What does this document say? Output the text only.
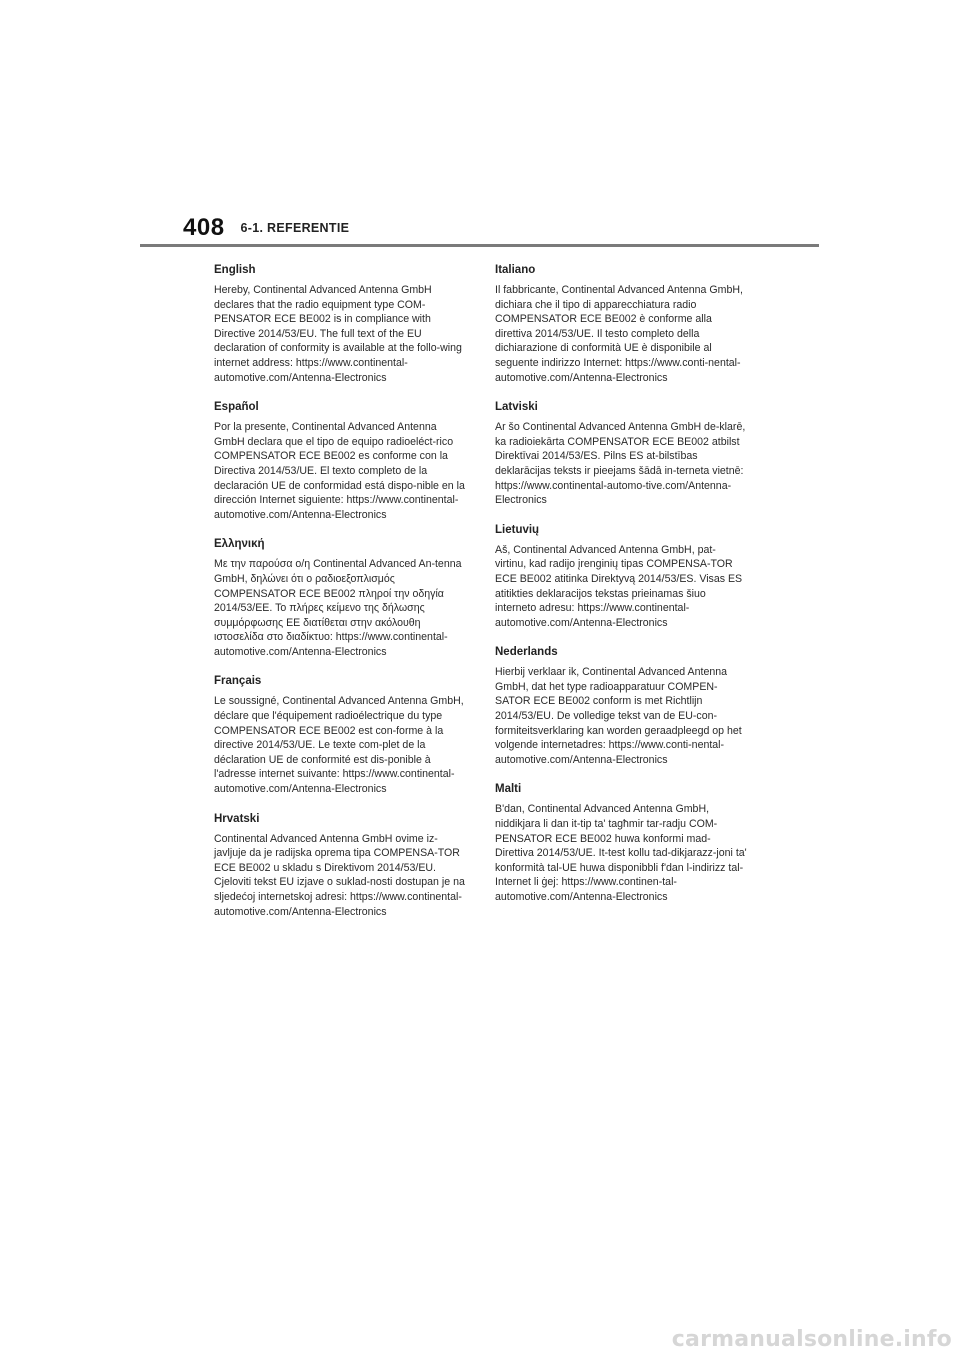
408 6-1. REFERENTIE

English

Hereby, Continental Advanced Antenna GmbH declares that the radio equipment type COM-PENSATOR ECE BE002 is in compliance with Directive 2014/53/EU. The full text of the EU declaration of conformity is available at the follo-wing internet address: https://www.continental-automotive.com/Antenna-Electronics

Español

Por la presente, Continental Advanced Antenna GmbH declara que el tipo de equipo radioeléct-rico COMPENSATOR ECE BE002 es conforme con la Directiva 2014/53/UE. El texto completo de la declaración UE de conformidad está dispo-nible en la dirección Internet siguiente: https://www.continental-automotive.com/Antenna-Electronics

Ελληνική

Με την παρούσα ο/η Continental Advanced An-tenna GmbH, δηλώνει ότι ο ραδιοεξοπλισμός COMPENSATOR ECE BE002 πληροί την οδηγία 2014/53/ΕΕ. Το πλήρες κείμενο της δήλωσης συμμόρφωσης ΕΕ διατίθεται στην ακόλουθη ιστοσελίδα στο διαδίκτυο: https://www.continental-automotive.com/Antenna-Electronics

Français

Le soussigné, Continental Advanced Antenna GmbH, déclare que l'équipement radioélectrique du type COMPENSATOR ECE BE002 est con-forme à la directive 2014/53/UE. Le texte com-plet de la déclaration UE de conformité est dis-ponible à l'adresse internet suivante: https://www.continental-automotive.com/Antenna-Electronics

Hrvatski

Continental Advanced Antenna GmbH ovime iz-javljuje da je radijska oprema tipa COMPENSA-TOR ECE BE002 u skladu s Direktivom 2014/53/EU. Cjeloviti tekst EU izjave o suklad-nosti dostupan je na sljedećoj internetskoj adresi: https://www.continental-automotive.com/Antenna-Electronics

Italiano

Il fabbricante, Continental Advanced Antenna GmbH, dichiara che il tipo di apparecchiatura radio COMPENSATOR ECE BE002 è conforme alla direttiva 2014/53/UE. Il testo completo della dichiarazione di conformità UE è disponibile al seguente indirizzo Internet: https://www.conti-nental-automotive.com/Antenna-Electronics

Latviski

Ar šo Continental Advanced Antenna GmbH de-klarē, ka radioiekārta COMPENSATOR ECE BE002 atbilst Direktīvai 2014/53/ES. Pilns ES at-bilstības deklarācijas teksts ir pieejams šādā in-terneta vietnē: https://www.continental-automo-tive.com/Antenna-Electronics

Lietuvių

Aš, Continental Advanced Antenna GmbH, pat-virtinu, kad radijo įrenginių tipas COMPENSA-TOR ECE BE002 atitinka Direktyvą 2014/53/ES. Visas ES atitikties deklaracijos tekstas prieinamas šiuo interneto adresu: https://www.continental-automotive.com/Antenna-Electronics

Nederlands

Hierbij verklaar ik, Continental Advanced Antenna GmbH, dat het type radioapparatuur COMPEN-SATOR ECE BE002 conform is met Richtlijn 2014/53/EU. De volledige tekst van de EU-con-formiteitsverklaring kan worden geraadpleegd op het volgende internetadres: https://www.conti-nental-automotive.com/Antenna-Electronics

Malti

B'dan, Continental Advanced Antenna GmbH, niddikjara li dan it-tip ta' tagħmir tar-radju COM-PENSATOR ECE BE002 huwa konformi mad-Direttiva 2014/53/UE. It-test kollu tad-dikjarazz-joni ta' konformità tal-UE huwa disponibbli f'dan l-indirizz tal-Internet li ġej: https://www.continen-tal-automotive.com/Antenna-Electronics

carmanualsonline.info
